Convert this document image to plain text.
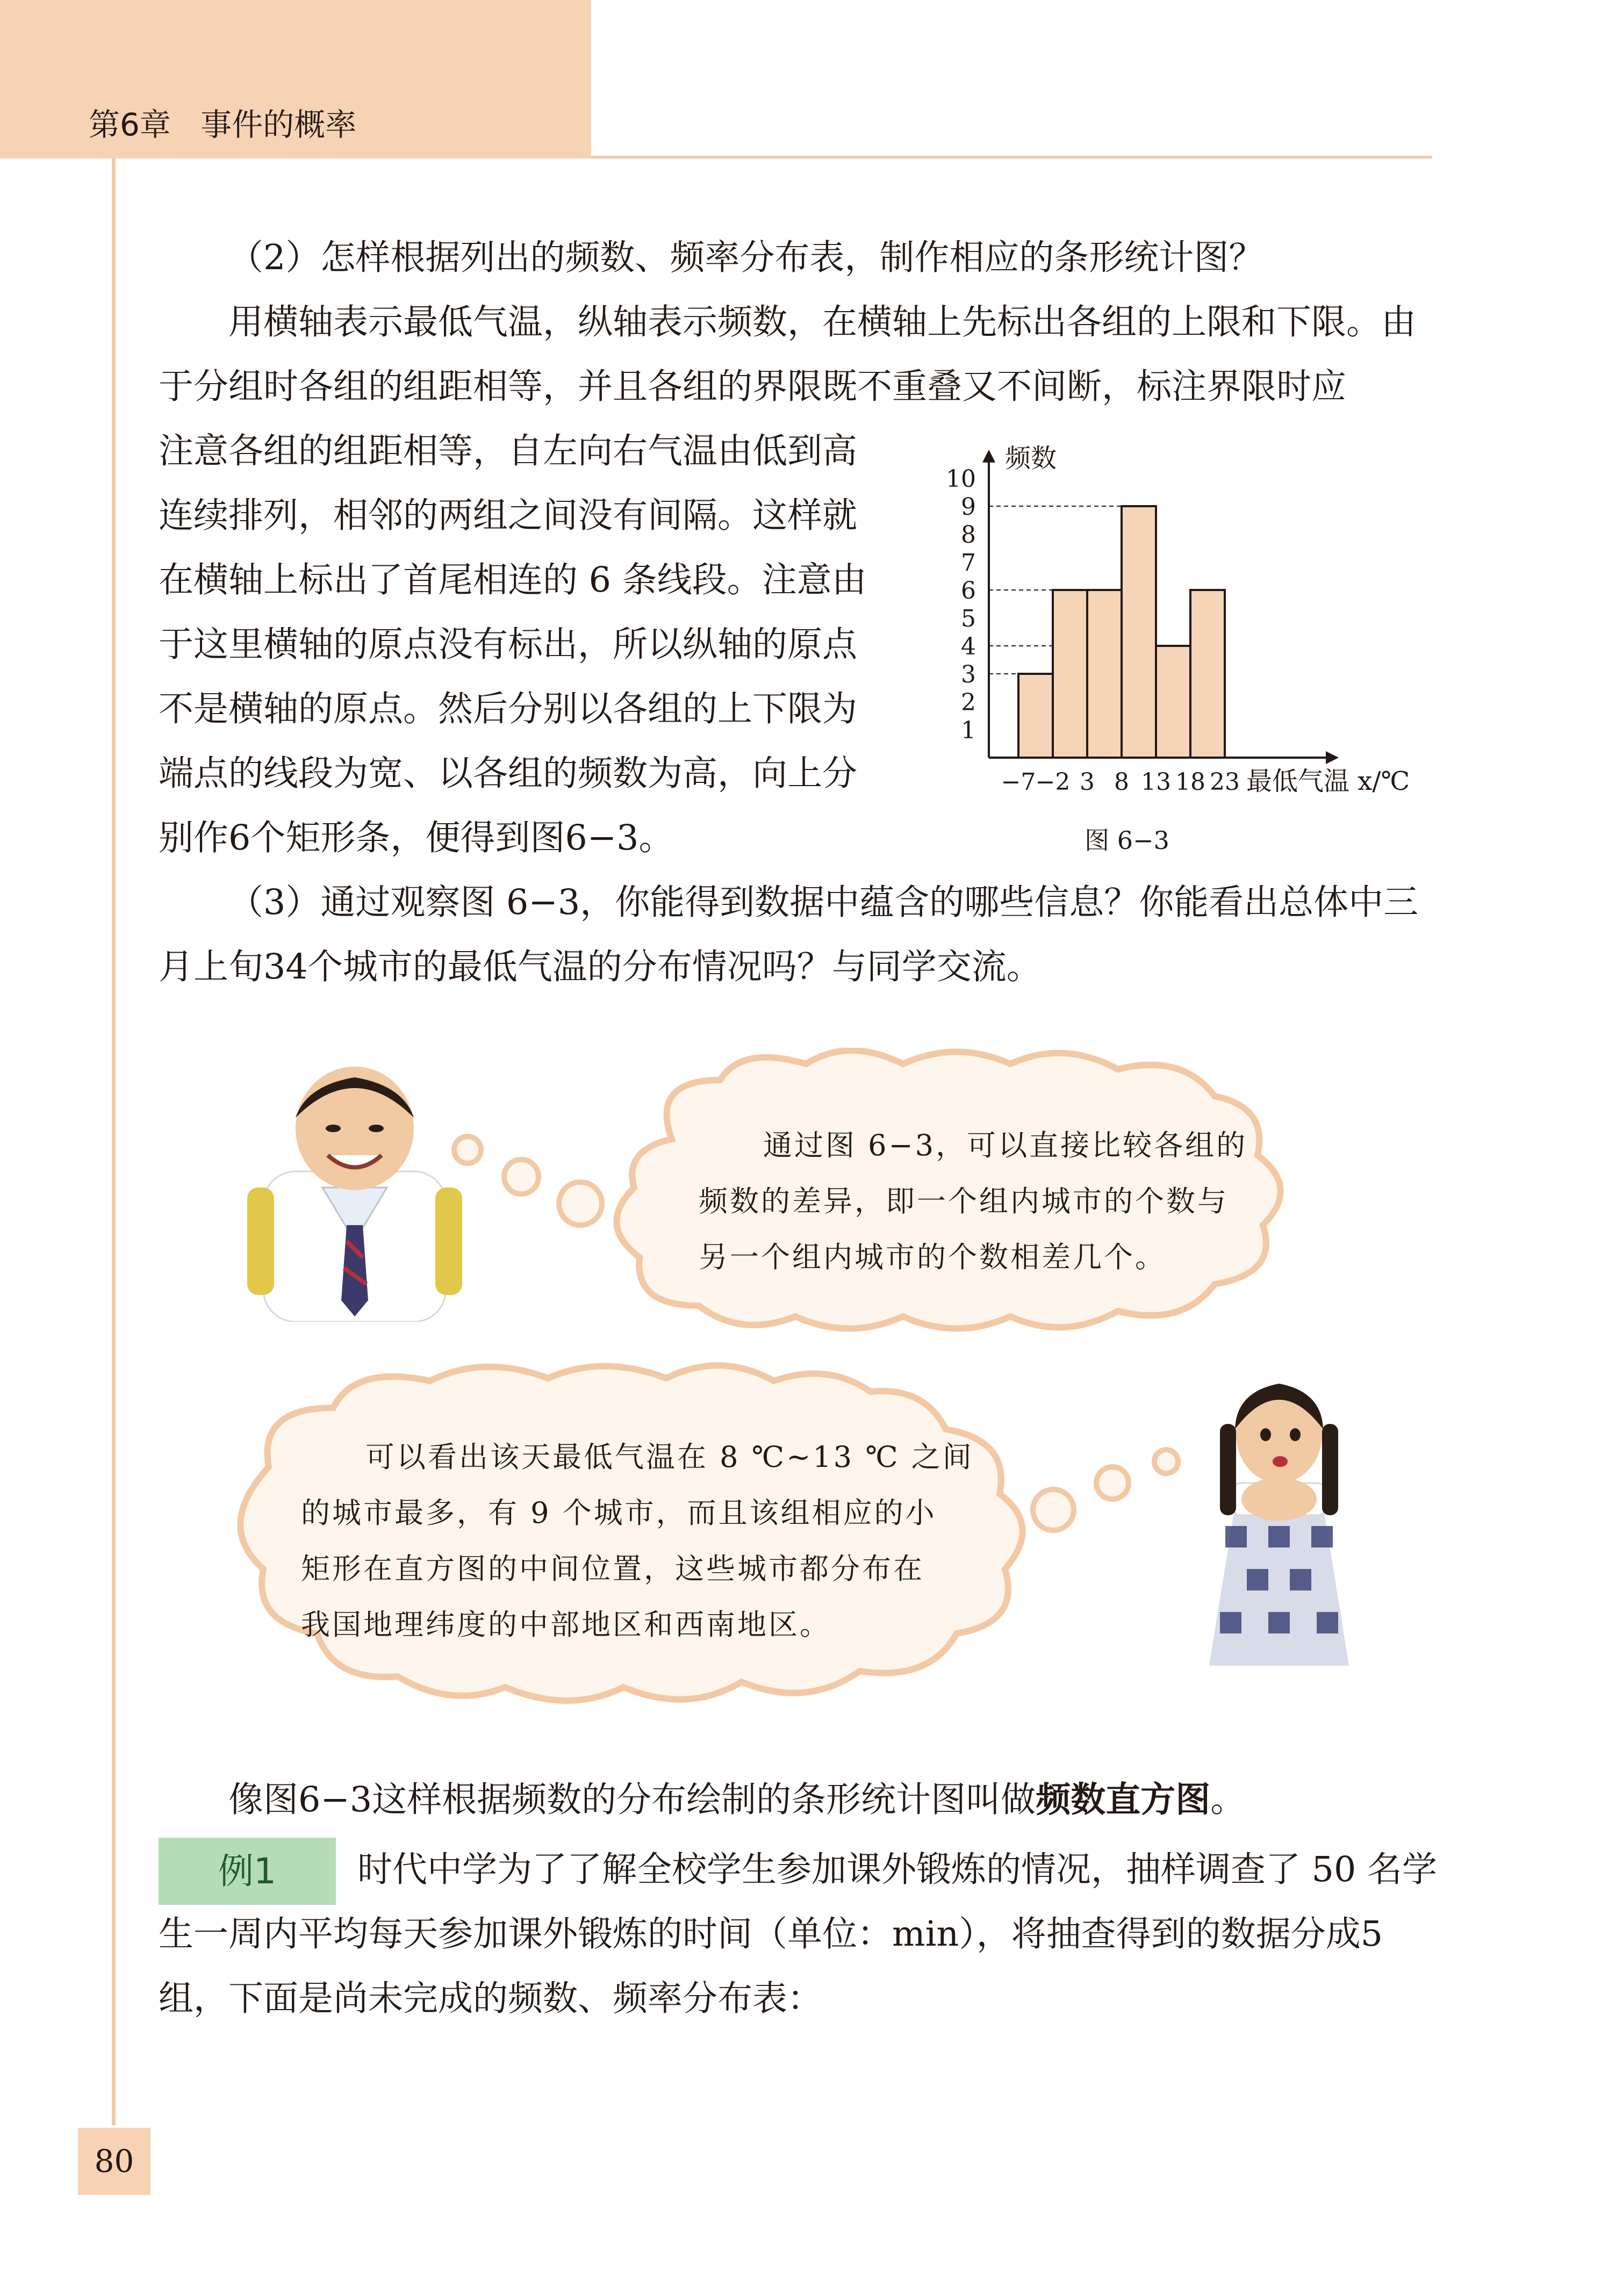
第6章 事件的概率

（2）怎样根据列出的频数、频率分布表，制作相应的条形统计图？

用横轴表示最低气温，纵轴表示频数，在横轴上先标出各组的上限和下限。由于分组时各组的组距相等，并且各组的界限既不重叠又不间断，标注界限时应

注意各组的组距相等，自左向右气温由低到高

连续排列，相邻的两组之间没有间隔。这样就

在横轴上标出了首尾相连的 6 条线段。注意由

于这里横轴的原点没有标出，所以纵轴的原点

不是横轴的原点。然后分别以各组的上下限为

端点的线段为宽、以各组的频数为高，向上分

别作6个矩形条，便得到图6−3。

频数
1
2
3
4
5
6
7
8
9
10
−7 −2 3 8 13 18 23 最低气温 x/℃
图 6−3

（3）通过观察图 6−3，你能得到数据中蕴含的哪些信息？你能看出总体中三月上旬34个城市的最低气温的分布情况吗？与同学交流。

通过图 6−3，可以直接比较各组的

频数的差异，即一个组内城市的个数与

另一个组内城市的个数相差几个。

可以看出该天最低气温在 8 ℃~13 ℃ 之间

的城市最多，有 9 个城市，而且该组相应的小

矩形在直方图的中间位置，这些城市都分布在

我国地理纬度的中部地区和西南地区。

像图6−3这样根据频数的分布绘制的条形统计图叫做频数直方图。

例1	时代中学为了了解全校学生参加课外锻炼的情况，抽样调查了 50 名学生一周内平均每天参加课外锻炼的时间（单位：min），将抽查得到的数据分成5组，下面是尚未完成的频数、频率分布表：

80
